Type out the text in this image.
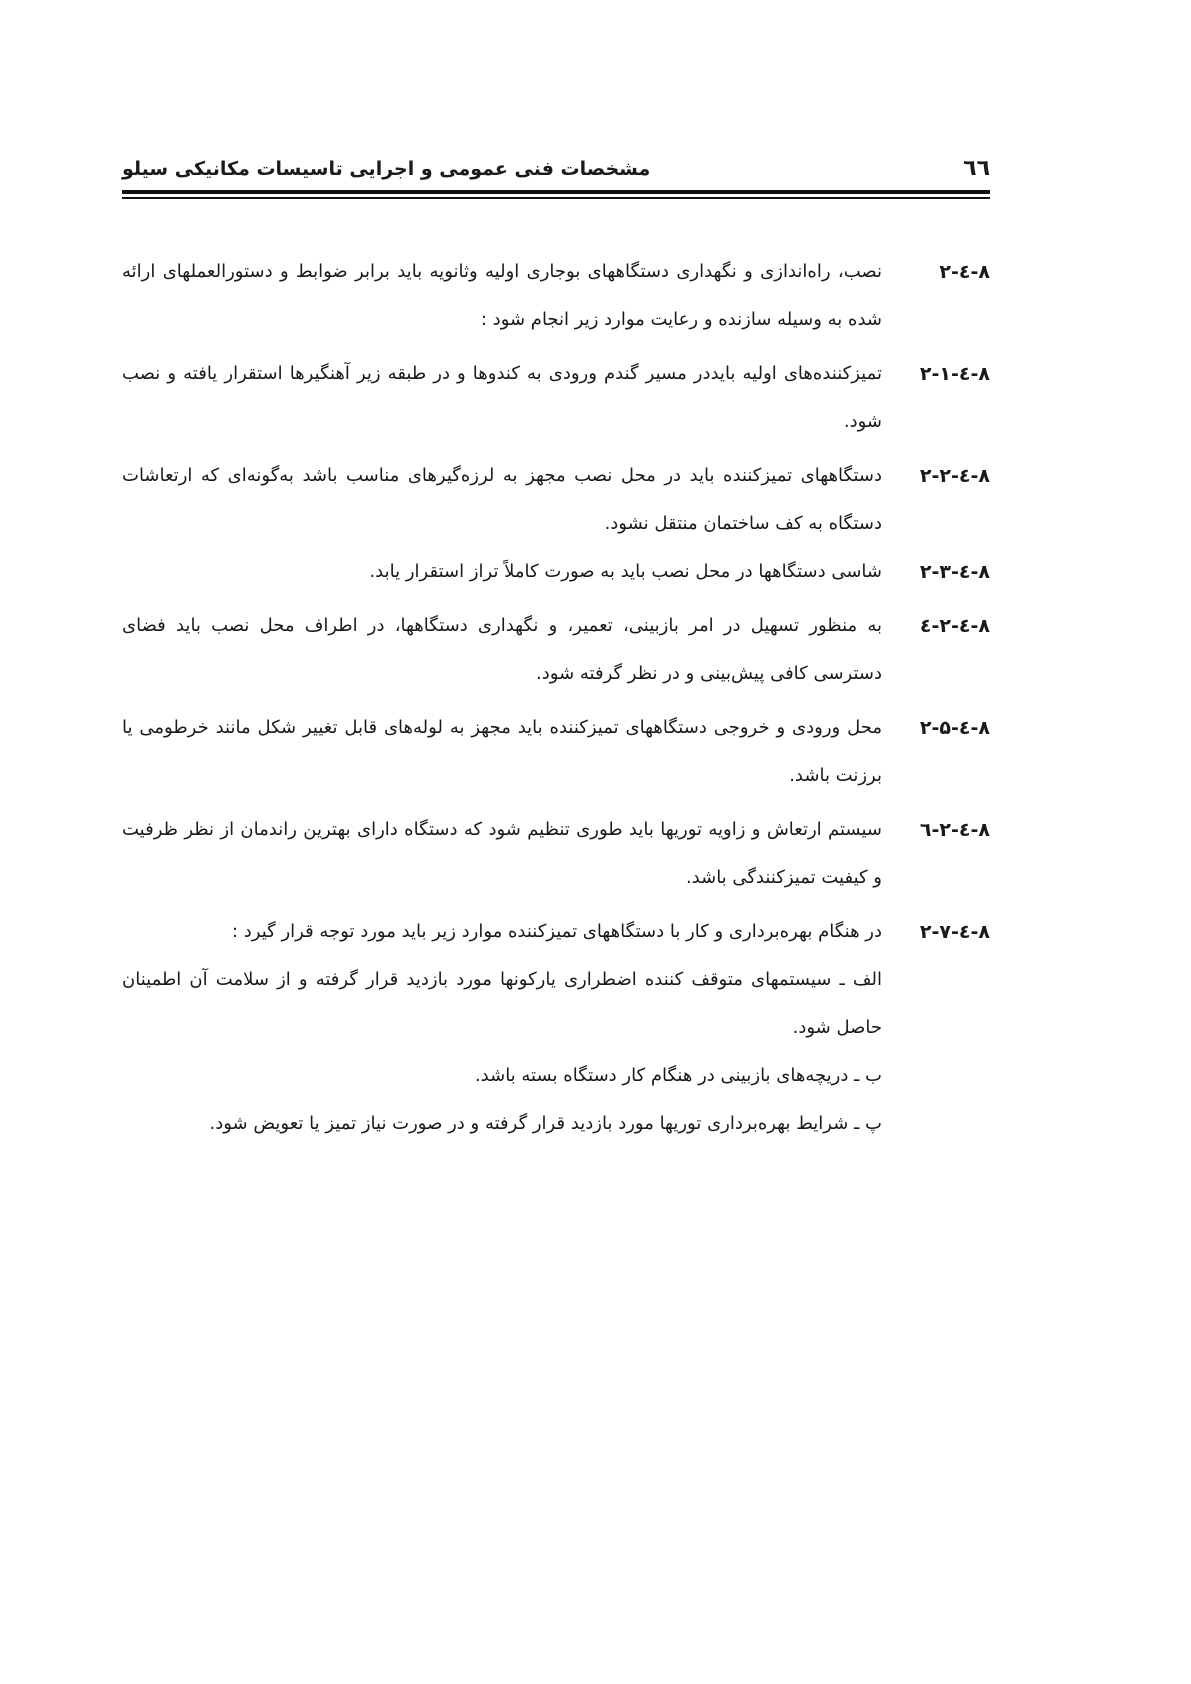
٦٦
مشخصات فنی عمومی و اجرایی تاسیسات مکانیکی سیلو
۸-٤-۲
نصب، راه‌اندازی و نگهداری دستگاههای بوجاری اولیه وثانویه باید برابر ضوابط و دستورالعملهای ارائه شده به وسیله سازنده و رعایت موارد زیر انجام شود :
۸-٤-۲-۱
تمیزکننده‌های اولیه بایددر مسیر گندم ورودی به کندوها و در طبقه زیر آهنگیرها استقرار یافته و نصب شود.
۸-٤-۲-۲
دستگاههای تمیزکننده باید در محل نصب مجهز به لرزه‌گیرهای مناسب باشد به‌گونه‌ای که ارتعاشات دستگاه به کف ساختمان منتقل نشود.
۸-٤-۲-۳
شاسی دستگاهها در محل نصب باید به صورت کاملاً تراز استقرار یابد.
۸-٤-۲-٤
به منظور تسهیل در امر بازبینی، تعمیر، و نگهداری دستگاهها، در اطراف محل نصب باید فضای دسترسی کافی پیش‌بینی و در نظر گرفته شود.
۸-٤-۲-۵
محل ورودی و خروجی دستگاههای تمیزکننده باید مجهز به لوله‌های قابل تغییر شکل مانند خرطومی یا برزنت باشد.
۸-٤-۲-٦
سیستم ارتعاش و زاویه توریها باید طوری تنظیم شود که دستگاه دارای بهترین راندمان از نظر ظرفیت و کیفیت تمیزکنندگی باشد.
۸-٤-۲-۷
در هنگام بهره‌برداری و کار با دستگاههای تمیزکننده موارد زیر باید مورد توجه قرار گیرد :
الف ـ سیستمهای متوقف کننده اضطراری یارکونها مورد بازدید قرار گرفته و از سلامت آن اطمینان حاصل شود.
ب ـ دریچه‌های بازبینی در هنگام کار دستگاه بسته باشد.
پ ـ شرایط بهره‌برداری توریها مورد بازدید قرار گرفته و در صورت نیاز تمیز یا تعویض شود.
